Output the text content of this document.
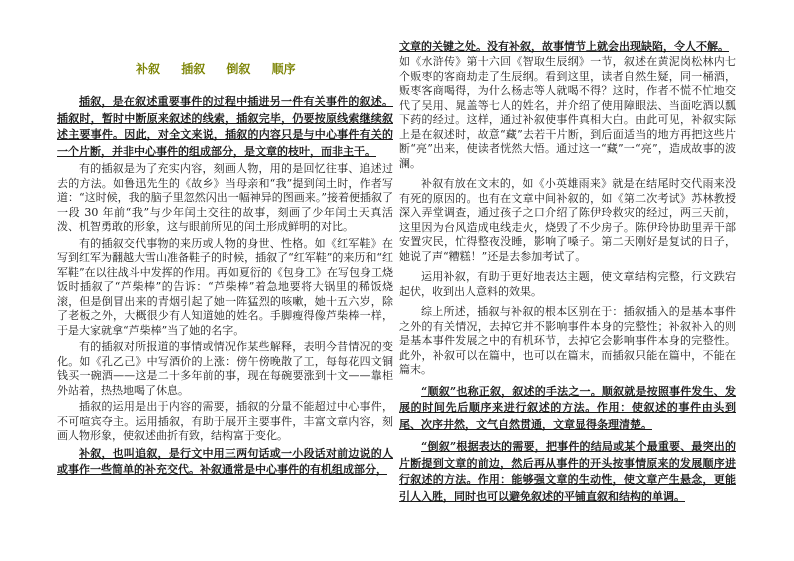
补叙 插叙 倒叙 顺序

插叙，是在叙述重要事件的过程中插进另一件有关事件的叙述。插叙时，暂时中断原来叙述的线索，插叙完毕，仍要按原线索继续叙述主要事件。因此，对全文来说，插叙的内容只是与中心事件有关的一个片断，并非中心事件的组成部分，是文章的枝叶，而非主干。

有的插叙是为了充实内容，刻画人物，用的是回忆往事、追述过去的方法。如鲁迅先生的《故乡》当母亲和“我”提到闰土时，作者写道：“这时候，我的脑子里忽然闪出一幅神异的图画来。”接着便插叙了一段 30 年前“我”与少年闰土交往的故事，刻画了少年闰土天真活泼、机智勇敢的形象，这与眼前所见的闰土形成鲜明的对比。

有的插叙交代事物的来历或人物的身世、性格。如《红军鞋》在写到红军为翻越大雪山准备鞋子的时候，插叙了“红军鞋”的来历和“红军鞋”在以往战斗中发挥的作用。再如夏衍的《包身工》在写包身工烧饭时插叙了“芦柴棒”的告诉：“芦柴棒”着急地要将大锅里的稀饭烧滚，但是倒冒出来的青烟引起了她一阵猛烈的咳嗽，她十五六岁，除了老板之外，大概很少有人知道她的姓名。手脚瘦得像芦柴棒一样，于是大家就拿“芦柴棒”当了她的名字。

有的插叙对所报道的事情或情况作某些解释，表明今昔情况的变化。如《孔乙己》中写酒价的上涨：傍午傍晚散了工，每每花四文铜钱买一碗酒——这是二十多年前的事，现在每碗要涨到十文——靠柜外站着，热热地喝了休息。

插叙的运用是出于内容的需要，插叙的分量不能超过中心事件，不可喧宾夺主。运用插叙，有助于展开主要事件，丰富文章内容，刻画人物形象，使叙述曲折有致，结构富于变化。

补叙，也叫追叙，是行文中用三两句话或一小段话对前边说的人或事作一些简单的补充交代。补叙通常是中心事件的有机组成部分，

文章的关键之处。没有补叙，故事情节上就会出现缺陷，令人不解。
如《水浒传》第十六回《智取生辰纲》一节，叙述在黄泥岗松林内七个贩枣的客商劫走了生辰纲。看到这里，读者自然生疑，同一桶酒，贩枣客商喝得，为什么杨志等人就喝不得？这时，作者不慌不忙地交代了吴用、晁盖等七人的姓名，并介绍了使用障眼法、当面吃酒以瓢下药的经过。这样，通过补叙使事件真相大白。由此可见，补叙实际上是在叙述时，故意“藏”去若干片断，到后面适当的地方再把这些片断“亮”出来，使读者恍然大悟。通过这一“藏”一“亮”，造成故事的波澜。

补叙有放在文末的，如《小英雄雨来》就是在结尾时交代雨来没有死的原因的。也有在文章中间补叙的，如《第二次考试》苏林教授深入弄堂调查，通过孩子之口介绍了陈伊玲救灾的经过，两三天前，这里因为台风造成电线走火，烧毁了不少房子。陈伊玲协助里弄干部安置灾民，忙得整夜没睡，影响了嗓子。第二天刚好是复试的日子，她说了声“糟糕！”还是去参加考试了。

运用补叙，有助于更好地表达主题，使文章结构完整，行文跌宕起伏，收到出人意料的效果。

综上所述，插叙与补叙的根本区别在于：插叙插入的是基本事件之外的有关情况，去掉它并不影响事件本身的完整性；补叙补入的则是基本事件发展之中的有机环节，去掉它会影响事件本身的完整性。此外，补叙可以在篇中，也可以在篇末，而插叙只能在篇中，不能在篇末。

“顺叙”也称正叙，叙述的手法之一。顺叙就是按照事件发生、发展的时间先后顺序来进行叙述的方法。作用：使叙述的事件由头到尾、次序井然，文气自然贯通，文章显得条理清楚。

“倒叙”根据表达的需要，把事件的结局或某个最重要、最突出的片断提到文章的前边，然后再从事件的开头按事情原来的发展顺序进行叙述的方法。作用：能够强文章的生动性，使文章产生悬念，更能引人入胜，同时也可以避免叙述的平铺直叙和结构的单调。
